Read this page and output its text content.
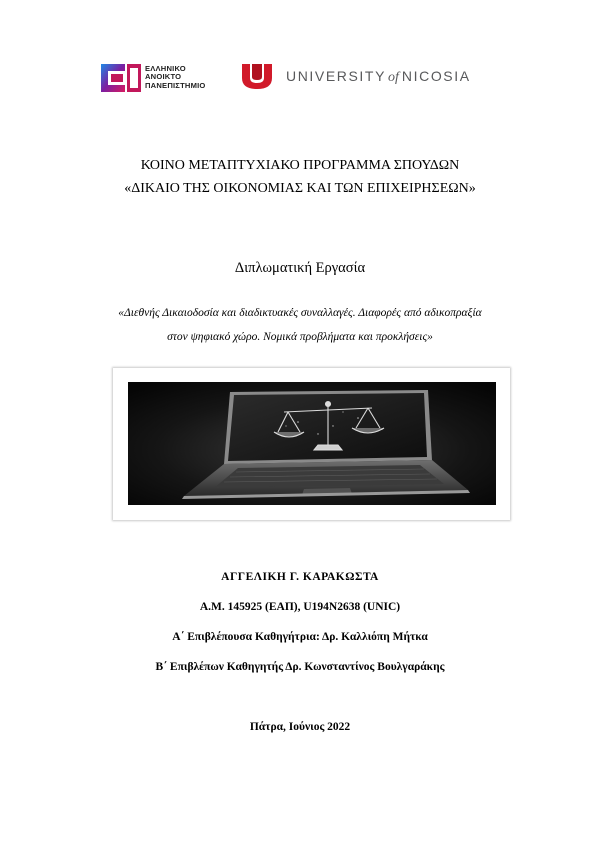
ΕΛΛΗΝΙΚΟ
ΑΝΟΙΚΤΟ
ΠΑΝΕΠΙΣΤΗΜΙΟ
UNIVERSITY of NICOSIA
ΚΟΙΝΟ ΜΕΤΑΠΤΥΧΙΑΚΟ ΠΡΟΓΡΑΜΜΑ ΣΠΟΥΔΩΝ
«ΔΙΚΑΙΟ ΤΗΣ ΟΙΚΟΝΟΜΙΑΣ ΚΑΙ ΤΩΝ ΕΠΙΧΕΙΡΗΣΕΩΝ»
Διπλωματική Εργασία
«Διεθνής Δικαιοδοσία και διαδικτυακές συναλλαγές. Διαφορές από αδικοπραξία
στον ψηφιακό χώρο. Νομικά προβλήματα και προκλήσεις»
ΑΓΓΕΛΙΚΗ Γ. ΚΑΡΑΚΩΣΤΑ
Α.Μ. 145925 (ΕΑΠ), U194N2638 (UNIC)
Α΄ Επιβλέπουσα Καθηγήτρια: Δρ. Καλλιόπη Μήτκα
Β΄ Επιβλέπων Καθηγητής Δρ. Κωνσταντίνος Βουλγαράκης
Πάτρα, Ιούνιος 2022
